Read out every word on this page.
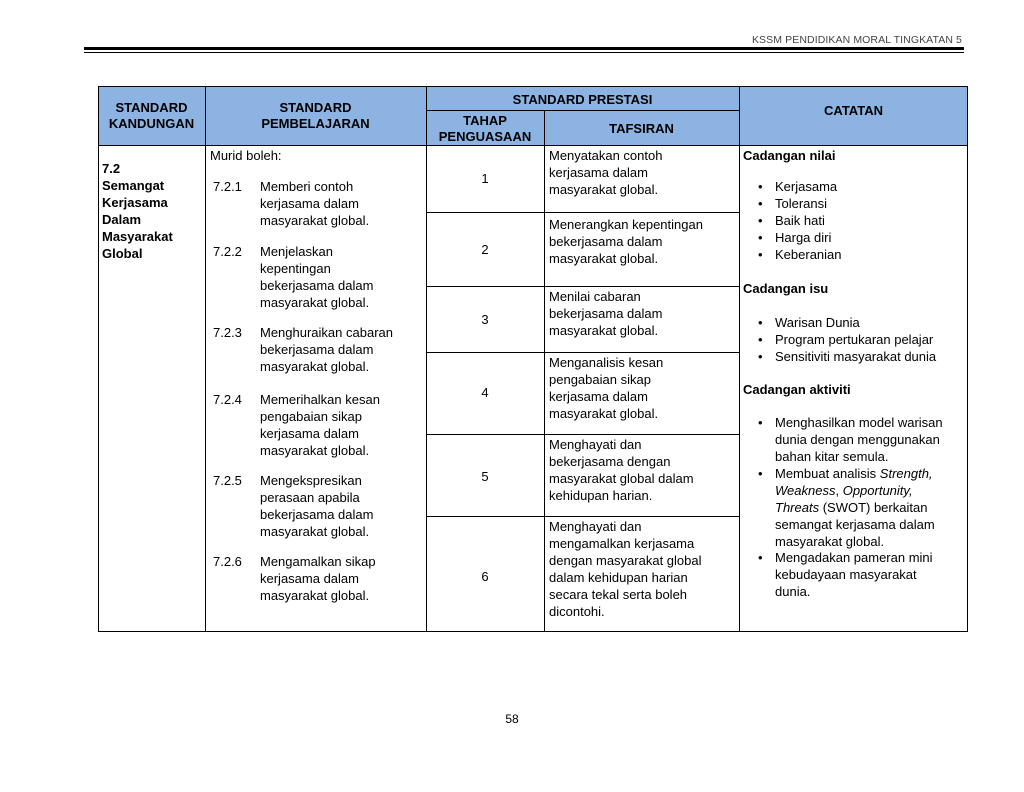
KSSM PENDIDIKAN MORAL TINGKATAN 5
STANDARD
KANDUNGAN
STANDARD
PEMBELAJARAN
STANDARD PRESTASI
TAHAP
PENGUASAAN
TAFSIRAN
CATATAN
7.2
Semangat
Kerjasama
Dalam
Masyarakat
Global
Murid boleh:
7.2.1 Memberi contoh
kerjasama dalam
masyarakat global.
7.2.2 Menjelaskan
kepentingan
bekerjasama dalam
masyarakat global.
7.2.3 Menghuraikan cabaran
bekerjasama dalam
masyarakat global.
7.2.4 Memerihalkan kesan
pengabaian sikap
kerjasama dalam
masyarakat global.
7.2.5 Mengekspresikan
perasaan apabila
bekerjasama dalam
masyarakat global.
7.2.6 Mengamalkan sikap
kerjasama dalam
masyarakat global.
1
2
3
4
5
6
Menyatakan contoh
kerjasama dalam
masyarakat global.
Menerangkan kepentingan
bekerjasama dalam
masyarakat global.
Menilai cabaran
bekerjasama dalam
masyarakat global.
Menganalisis kesan
pengabaian sikap
kerjasama dalam
masyarakat global.
Menghayati dan
bekerjasama dengan
masyarakat global dalam
kehidupan harian.
Menghayati dan
mengamalkan kerjasama
dengan masyarakat global
dalam kehidupan harian
secara tekal serta boleh
dicontohi.
Cadangan nilai
• Kerjasama
• Toleransi
• Baik hati
• Harga diri
• Keberanian
Cadangan isu
• Warisan Dunia
• Program pertukaran pelajar
• Sensitiviti masyarakat dunia
Cadangan aktiviti
• Menghasilkan model warisan
dunia dengan menggunakan
bahan kitar semula.
• Membuat analisis Strength,
Weakness, Opportunity,
Threats (SWOT) berkaitan
semangat kerjasama dalam
masyarakat global.
• Mengadakan pameran mini
kebudayaan masyarakat
dunia.
58
